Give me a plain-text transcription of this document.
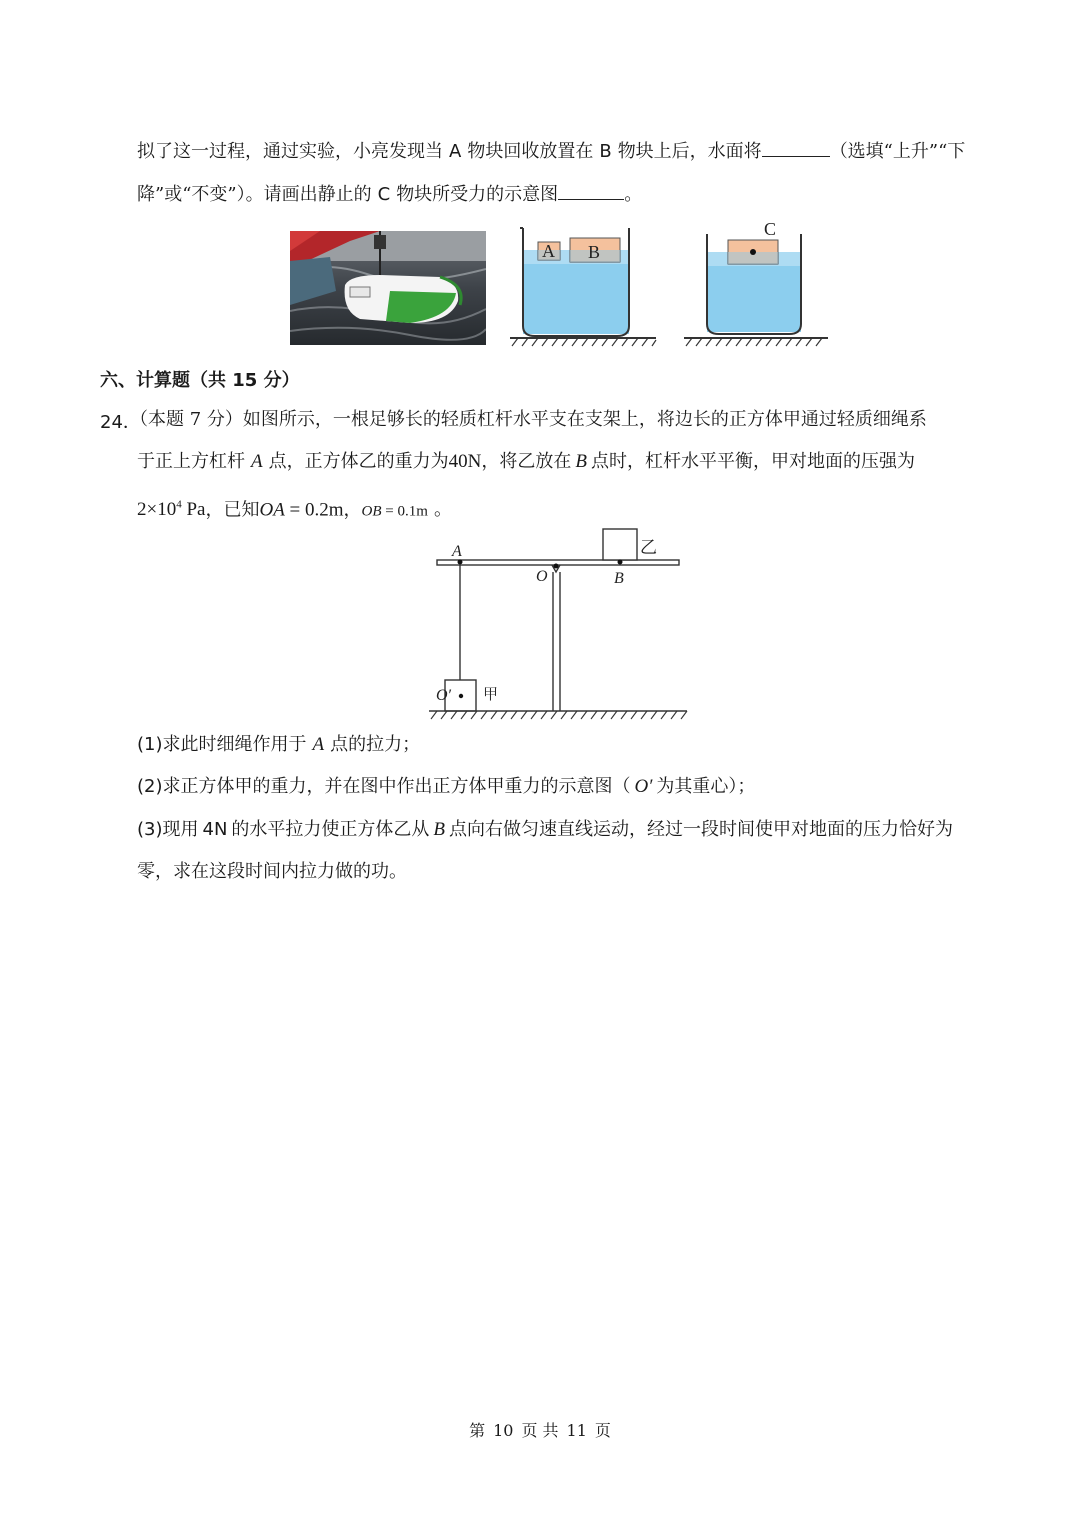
拟了这一过程，通过实验，小亮发现当 A 物块回收放置在 B 物块上后，水面将	（选填“上升”“下
降”或“不变”）。请画出静止的 C 物块所受力的示意图	。
A B
C
六、计算题（共 15 分）
24．
（本题 7 分）如图所示，一根足够长的轻质杠杆水平支在支架上，将边长的正方体甲通过轻质细绳系
于正上方杠杆 A 点，正方体乙的重力为40N，将乙放在 B 点时，杠杆水平平衡，甲对地面的压强为
$2\times 10^4$ Pa，已知OA = 0.2m，OB = 0.1m 。
乙
A
O	B
O′ 甲
(1)求此时细绳作用于 A 点的拉力；
(2)求正方体甲的重力，并在图中作出正方体甲重力的示意图（ O′ 为其重心）；
(3)现用 4N 的水平拉力使正方体乙从 B 点向右做匀速直线运动，经过一段时间使甲对地面的压力恰好为
零，求在这段时间内拉力做的功。
第 10 页 共 11 页
